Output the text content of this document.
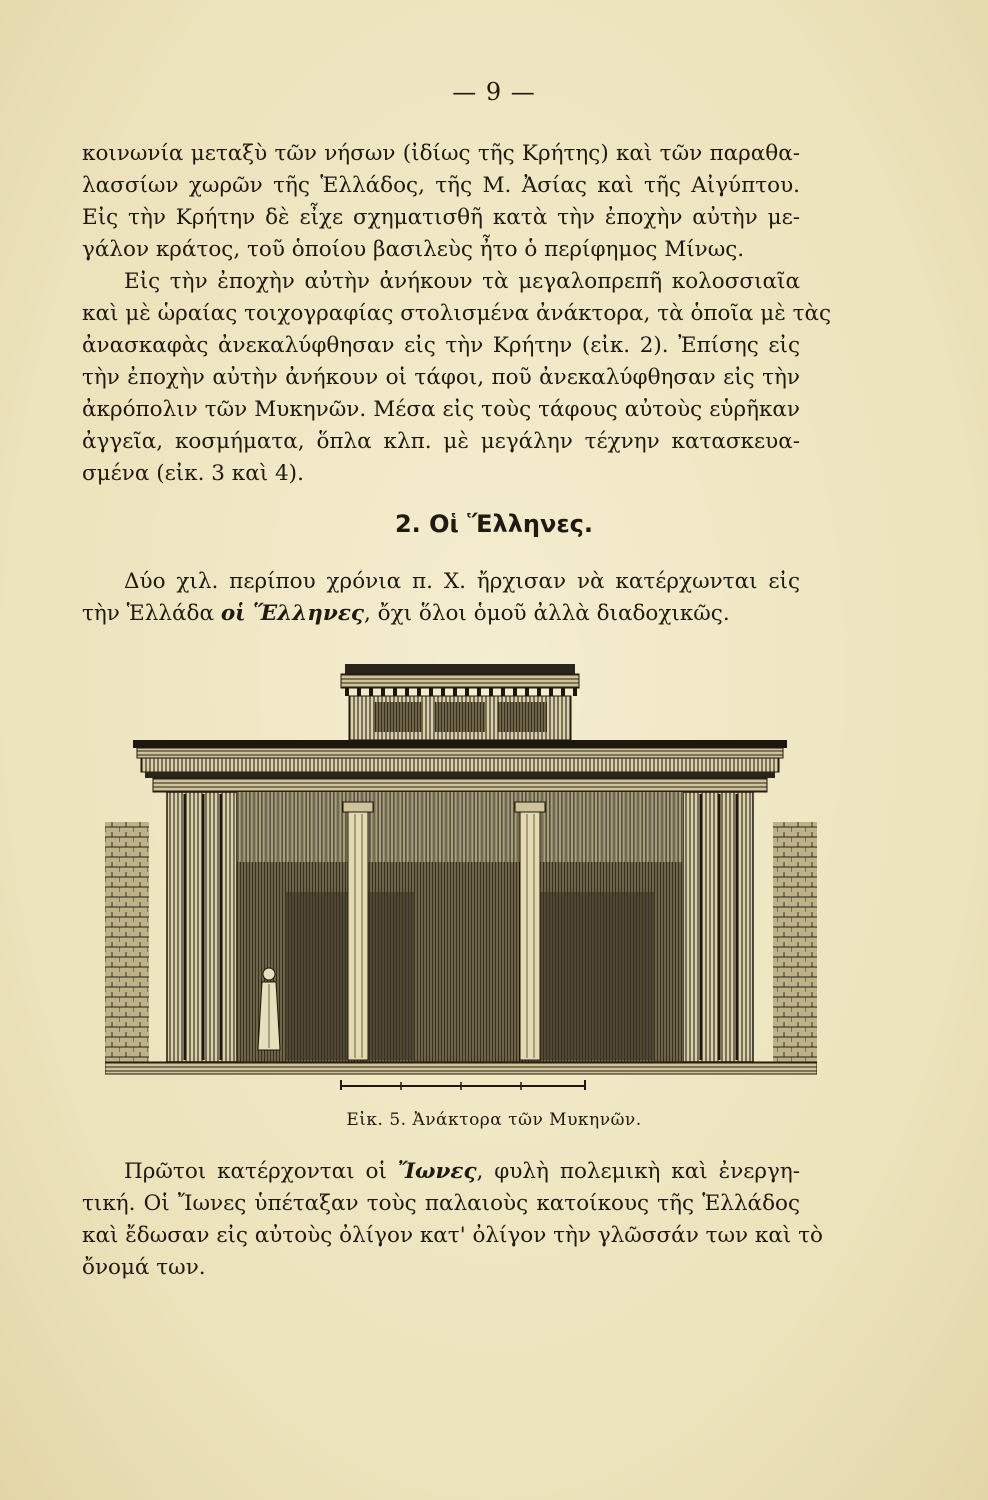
— 9 —
κοινωνία μεταξὺ τῶν νήσων (ἰδίως τῆς Κρήτης) καὶ τῶν παραθα-
λασσίων χωρῶν τῆς Ἑλλάδος, τῆς Μ. Ἀσίας καὶ τῆς Αἰγύπτου.
Εἰς τὴν Κρήτην δὲ εἶχε σχηματισθῆ κατὰ τὴν ἐποχὴν αὐτὴν με-
γάλον κράτος, τοῦ ὁποίου βασιλεὺς ἦτο ὁ περίφημος Μίνως.
Εἰς τὴν ἐποχὴν αὐτὴν ἀνήκουν τὰ μεγαλοπρεπῆ κολοσσιαῖα
καὶ μὲ ὡραίας τοιχογραφίας στολισμένα ἀνάκτορα, τὰ ὁποῖα μὲ τὰς
ἀνασκαφὰς ἀνεκαλύφθησαν εἰς τὴν Κρήτην (εἰκ. 2). Ἐπίσης εἰς
τὴν ἐποχὴν αὐτὴν ἀνήκουν οἱ τάφοι, ποῦ ἀνεκαλύφθησαν εἰς τὴν
ἀκρόπολιν τῶν Μυκηνῶν. Μέσα εἰς τοὺς τάφους αὐτοὺς εὑρῆκαν
ἀγγεῖα, κοσμήματα, ὅπλα κλπ. μὲ μεγάλην τέχνην κατασκευα-
σμένα (εἰκ. 3 καὶ 4).
2. Οἱ Ἕλληνες.
Δύο χιλ. περίπου χρόνια π. Χ. ἤρχισαν νὰ κατέρχωνται εἰς
τὴν Ἑλλάδα οἱ Ἕλληνες, ὄχι ὅλοι ὁμοῦ ἀλλὰ διαδοχικῶς.
Εἰκ. 5. Ἀνάκτορα τῶν Μυκηνῶν.
Πρῶτοι κατέρχονται οἱ Ἴωνες, φυλὴ πολεμικὴ καὶ ἐνεργη-
τική. Οἱ Ἴωνες ὑπέταξαν τοὺς παλαιοὺς κατοίκους τῆς Ἑλλάδος
καὶ ἔδωσαν εἰς αὐτοὺς ὀλίγον κατ' ὀλίγον τὴν γλῶσσάν των καὶ τὸ
ὄνομά των.
